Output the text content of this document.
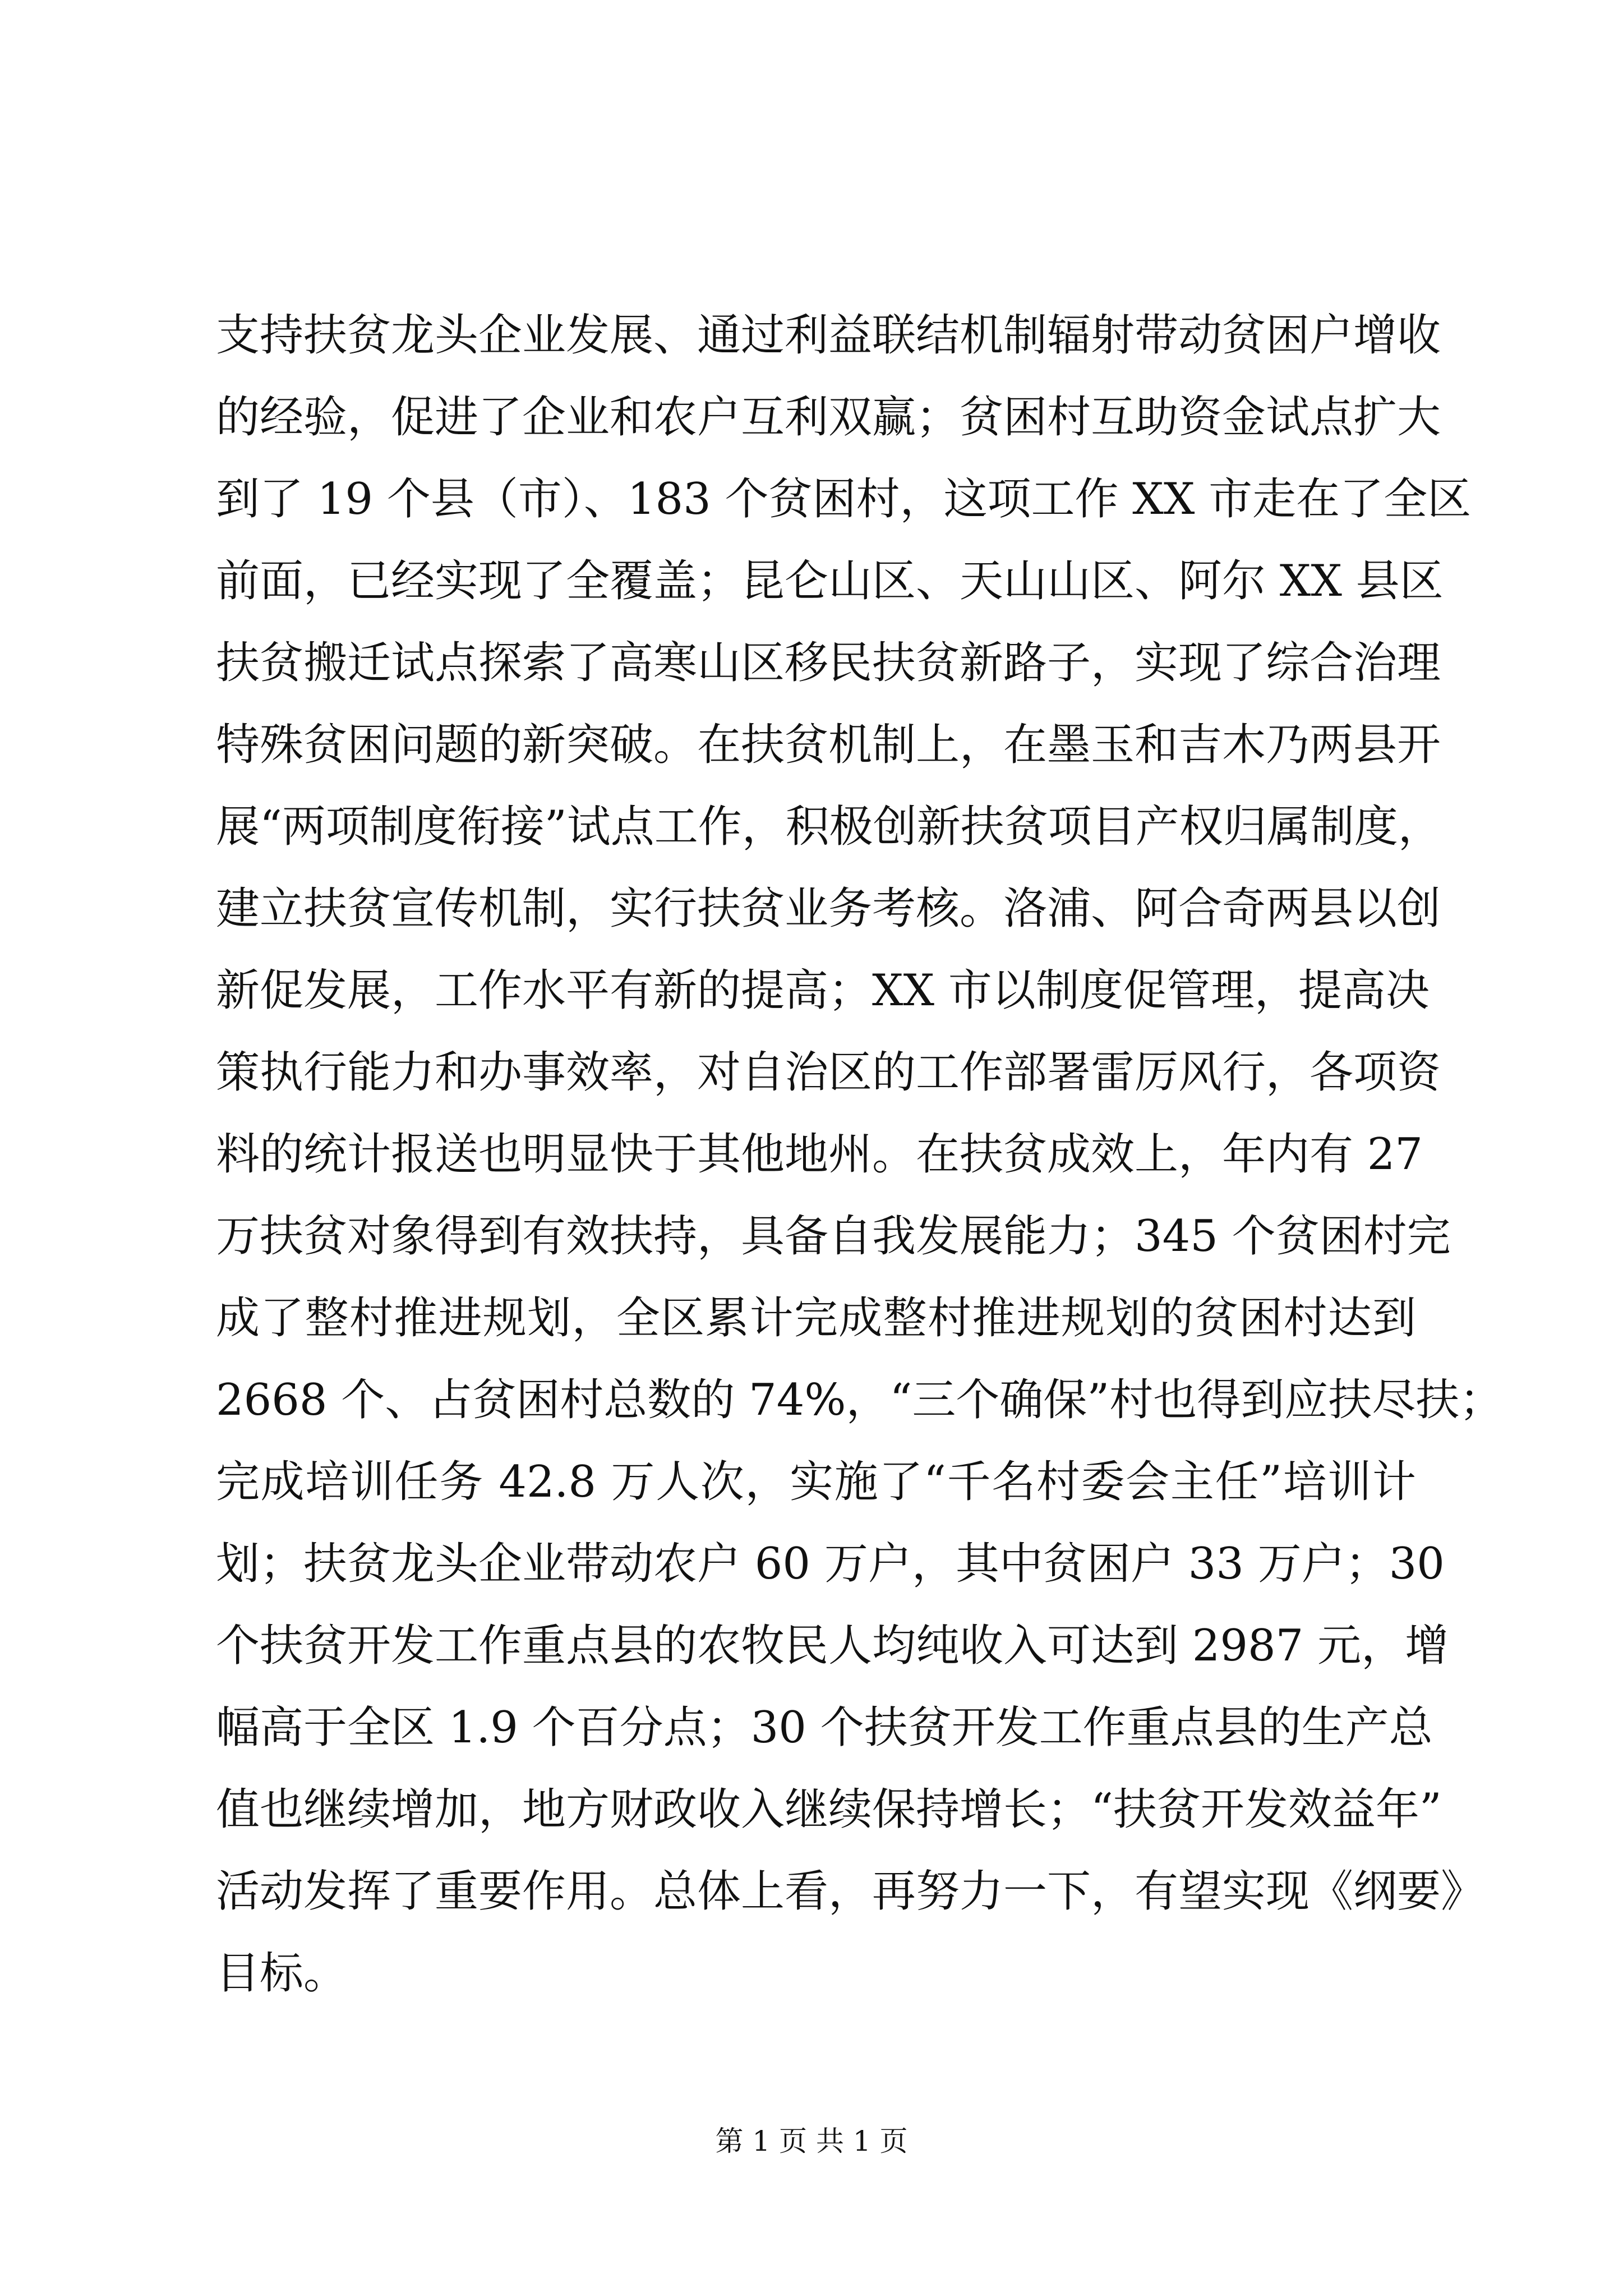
支持扶贫龙头企业发展、通过利益联结机制辐射带动贫困户增收
的经验，促进了企业和农户互利双赢；贫困村互助资金试点扩大
到了 19 个县（市）、183 个贫困村，这项工作 XX 市走在了全区
前面，已经实现了全覆盖；昆仑山区、天山山区、阿尔 XX 县区
扶贫搬迁试点探索了高寒山区移民扶贫新路子，实现了综合治理
特殊贫困问题的新突破。在扶贫机制上，在墨玉和吉木乃两县开
展“两项制度衔接”试点工作，积极创新扶贫项目产权归属制度，
建立扶贫宣传机制，实行扶贫业务考核。洛浦、阿合奇两县以创
新促发展，工作水平有新的提高；XX 市以制度促管理，提高决
策执行能力和办事效率，对自治区的工作部署雷厉风行，各项资
料的统计报送也明显快于其他地州。在扶贫成效上，年内有 27
万扶贫对象得到有效扶持，具备自我发展能力；345 个贫困村完
成了整村推进规划，全区累计完成整村推进规划的贫困村达到
2668 个、占贫困村总数的 74%，“三个确保”村也得到应扶尽扶；
完成培训任务 42.8 万人次，实施了“千名村委会主任”培训计
划；扶贫龙头企业带动农户 60 万户，其中贫困户 33 万户；30
个扶贫开发工作重点县的农牧民人均纯收入可达到 2987 元，增
幅高于全区 1.9 个百分点；30 个扶贫开发工作重点县的生产总
值也继续增加，地方财政收入继续保持增长；“扶贫开发效益年”
活动发挥了重要作用。总体上看，再努力一下，有望实现《纲要》
目标。
第 1 页 共 1 页
